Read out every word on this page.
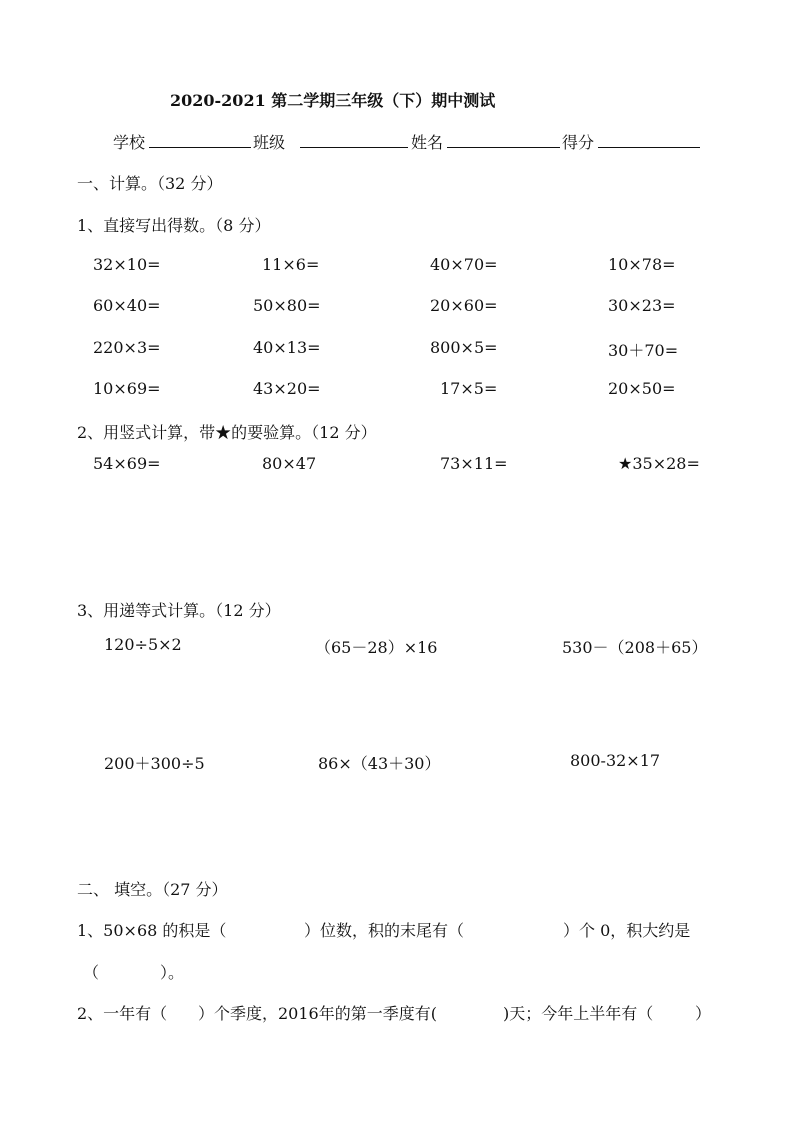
2020-2021 第二学期三年级（下）期中测试
学校	班级	姓名	得分
一、计算。（32 分）
1、直接写出得数。（8 分）
32×10=	11×6=	40×70=	10×78=
60×40=	50×80=	20×60=	30×23=
220×3=	40×13=	800×5=	30＋70=
10×69=	43×20=	17×5=	20×50=
2、用竖式计算，带★的要验算。（12 分）
54×69=	80×47	73×11=	★35×28=
3、用递等式计算。（12 分）
120÷5×2	（65－28）×16	530－（208＋65）
200＋300÷5	86×（43＋30）	800-32×17
二、 填空。（27 分）
1、50×68 的积是（	）位数，积的末尾有（	）个 0，积大约是
（	）。
2、一年有（ ）个季度，2016年的第一季度有(	)天；今年上半年有（	）
